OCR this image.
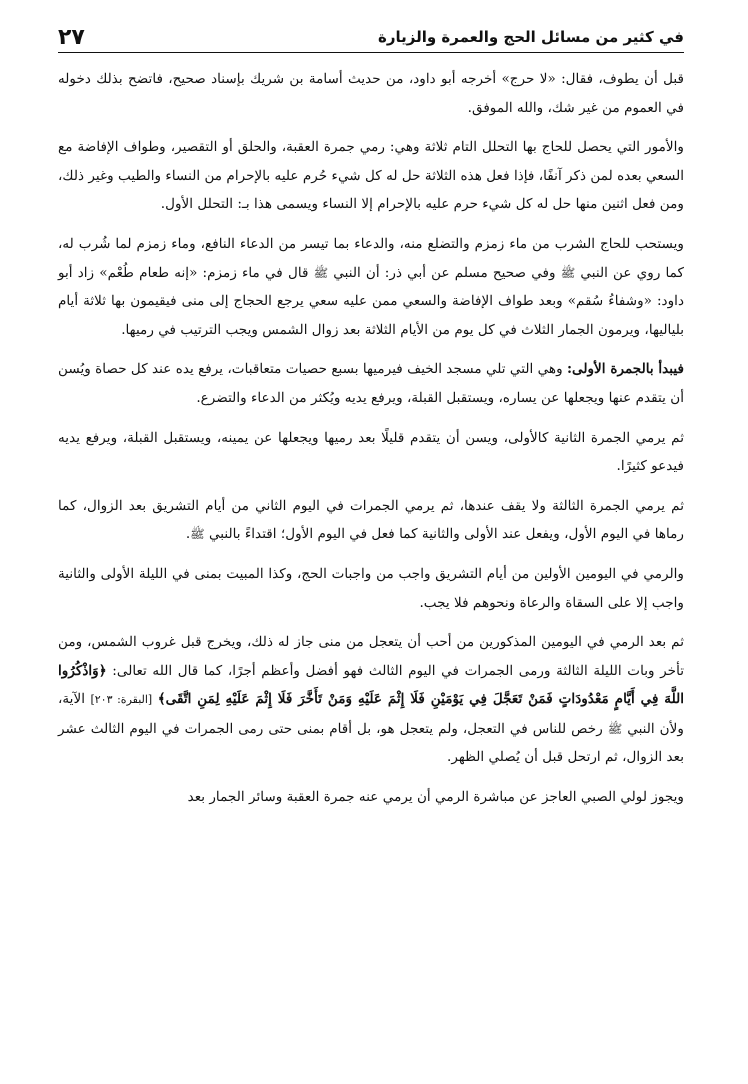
في كثير من مسائل الحج والعمرة والزيارة
٢٧

قبل أن يطوف، فقال: «لا حرج» أخرجه أبو داود، من حديث أسامة بن شريك بإسناد صحيح، فاتضح بذلك دخوله في العموم من غير شك، والله الموفق.

والأمور التي يحصل للحاج بها التحلل التام ثلاثة وهي: رمي جمرة العقبة، والحلق أو التقصير، وطواف الإفاضة مع السعي بعده لمن ذكر آنفًا، فإذا فعل هذه الثلاثة حل له كل شيء حُرم عليه بالإحرام من النساء والطيب وغير ذلك، ومن فعل اثنين منها حل له كل شيء حرم عليه بالإحرام إلا النساء ويسمى هذا بـ: التحلل الأول.

ويستحب للحاج الشرب من ماء زمزم والتضلع منه، والدعاء بما تيسر من الدعاء النافع، وماء زمزم لما شُرب له، كما روي عن النبي ﷺ وفي صحيح مسلم عن أبي ذر: أن النبي ﷺ قال في ماء زمزم: «إنه طعام طُعْم» زاد أبو داود: «وشفاءُ سُقم» وبعد طواف الإفاضة والسعي ممن عليه سعي يرجع الحجاج إلى منى فيقيمون بها ثلاثة أيام بلياليها، ويرمون الجمار الثلاث في كل يوم من الأيام الثلاثة بعد زوال الشمس ويجب الترتيب في رميها.

فيبدأ بالجمرة الأولى: وهي التي تلي مسجد الخيف فيرميها بسبع حصيات متعاقبات، يرفع يده عند كل حصاة ويُسن أن يتقدم عنها ويجعلها عن يساره، ويستقبل القبلة، ويرفع يديه ويُكثر من الدعاء والتضرع.

ثم يرمي الجمرة الثانية كالأولى، ويسن أن يتقدم قليلًا بعد رميها ويجعلها عن يمينه، ويستقبل القبلة، ويرفع يديه فيدعو كثيرًا.

ثم يرمي الجمرة الثالثة ولا يقف عندها، ثم يرمي الجمرات في اليوم الثاني من أيام التشريق بعد الزوال، كما رماها في اليوم الأول، ويفعل عند الأولى والثانية كما فعل في اليوم الأول؛ اقتداءً بالنبي ﷺ.

والرمي في اليومين الأولين من أيام التشريق واجب من واجبات الحج، وكذا المبيت بمنى في الليلة الأولى والثانية واجب إلا على السقاة والرعاة ونحوهم فلا يجب.

ثم بعد الرمي في اليومين المذكورين من أحب أن يتعجل من منى جاز له ذلك، ويخرج قبل غروب الشمس، ومن تأخر وبات الليلة الثالثة ورمى الجمرات في اليوم الثالث فهو أفضل وأعظم أجرًا، كما قال الله تعالى: ﴿وَاذْكُرُوا اللَّهَ فِي أَيَّامٍ مَعْدُودَاتٍ فَمَنْ تَعَجَّلَ فِي يَوْمَيْنِ فَلَا إِثْمَ عَلَيْهِ وَمَنْ تَأَخَّرَ فَلَا إِثْمَ عَلَيْهِ لِمَنِ اتَّقَى﴾ [البقرة: ٢٠٣] الآية، ولأن النبي ﷺ رخص للناس في التعجل، ولم يتعجل هو، بل أقام بمنى حتى رمى الجمرات في اليوم الثالث عشر بعد الزوال، ثم ارتحل قبل أن يُصلي الظهر.

ويجوز لولي الصبي العاجز عن مباشرة الرمي أن يرمي عنه جمرة العقبة وسائر الجمار بعد
